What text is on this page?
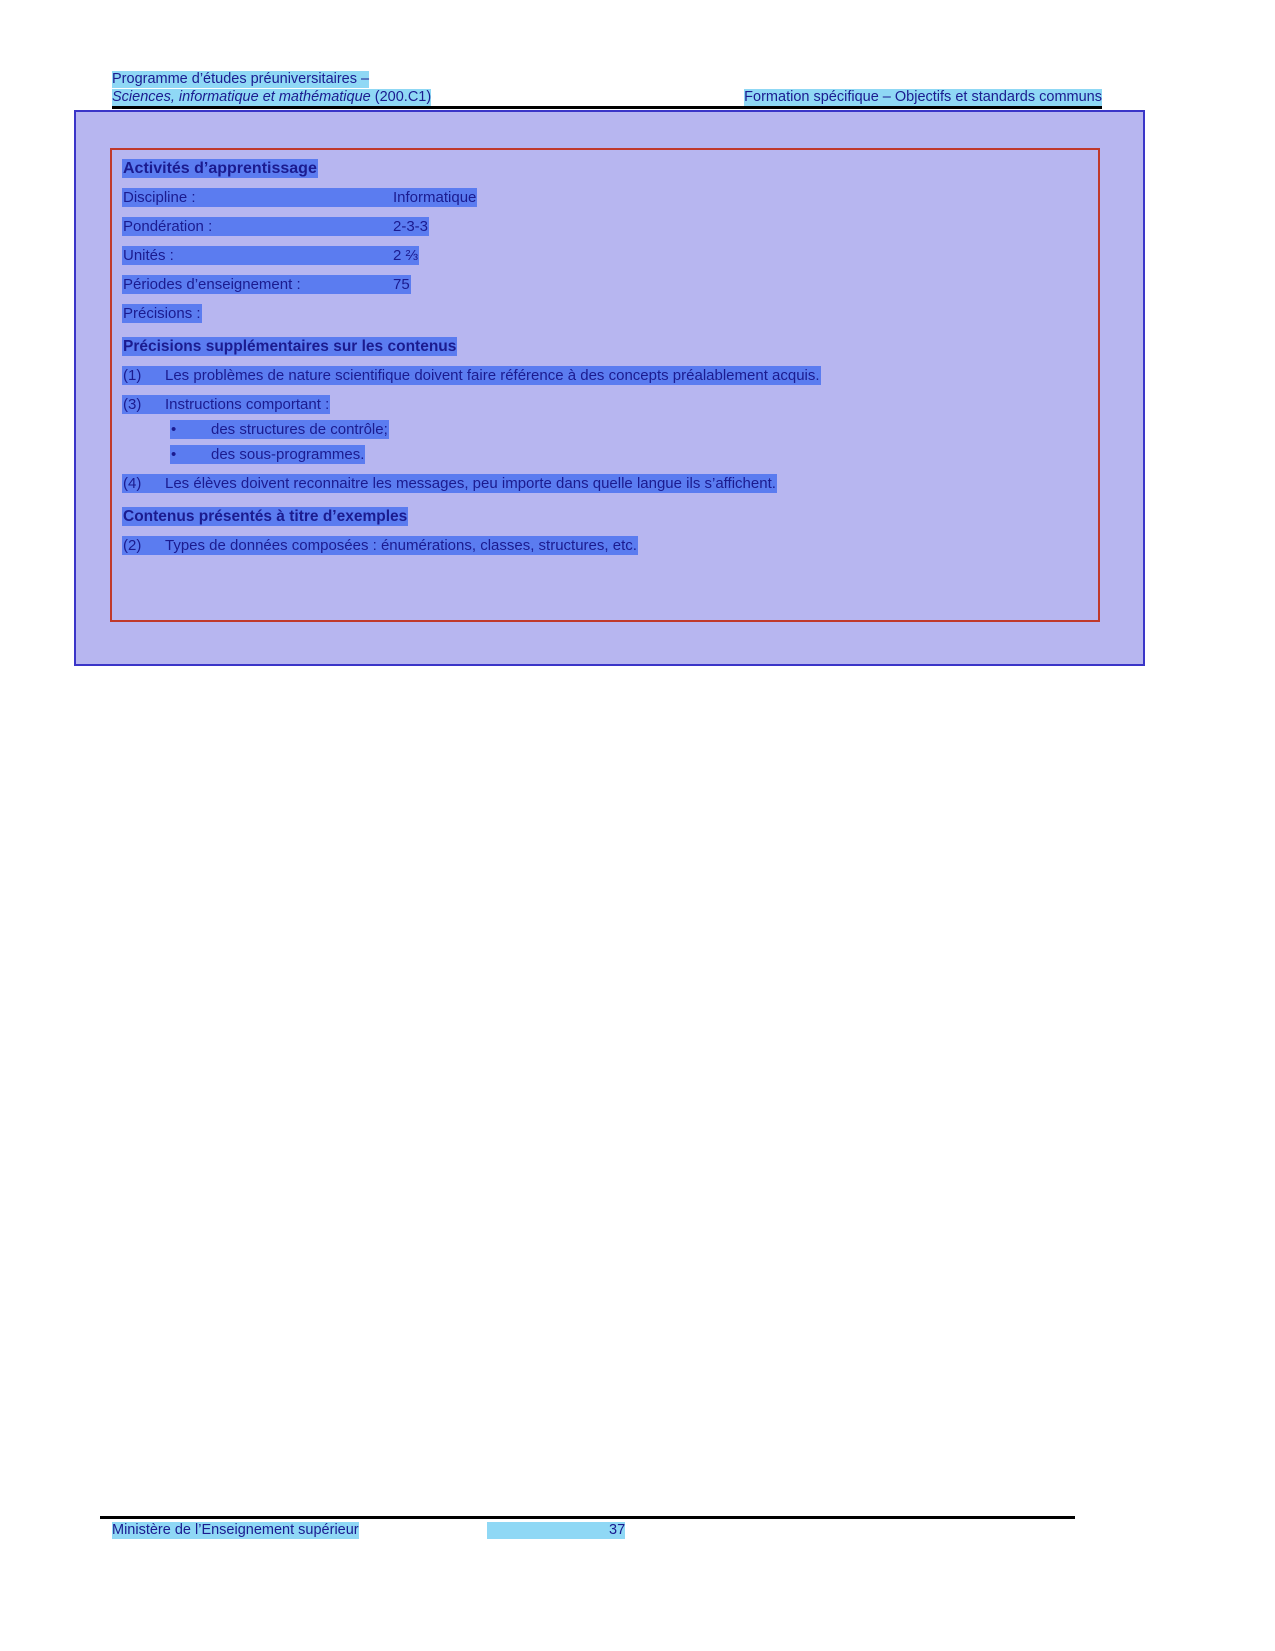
Programme d’études préuniversitaires –
Sciences, informatique et mathématique (200.C1)	Formation spécifique – Objectifs et standards communs
Activités d’apprentissage
Discipline :	Informatique
Pondération :	2-3-3
Unités :	2 ⅔
Périodes d’enseignement :	75
Précisions :
Précisions supplémentaires sur les contenus
(1) Les problèmes de nature scientifique doivent faire référence à des concepts préalablement acquis.
(3) Instructions comportant :
• des structures de contrôle;
• des sous-programmes.
(4) Les élèves doivent reconnaitre les messages, peu importe dans quelle langue ils s’affichent.
Contenus présentés à titre d’exemples
(2) Types de données composées : énumérations, classes, structures, etc.
Ministère de l’Enseignement supérieur	37
